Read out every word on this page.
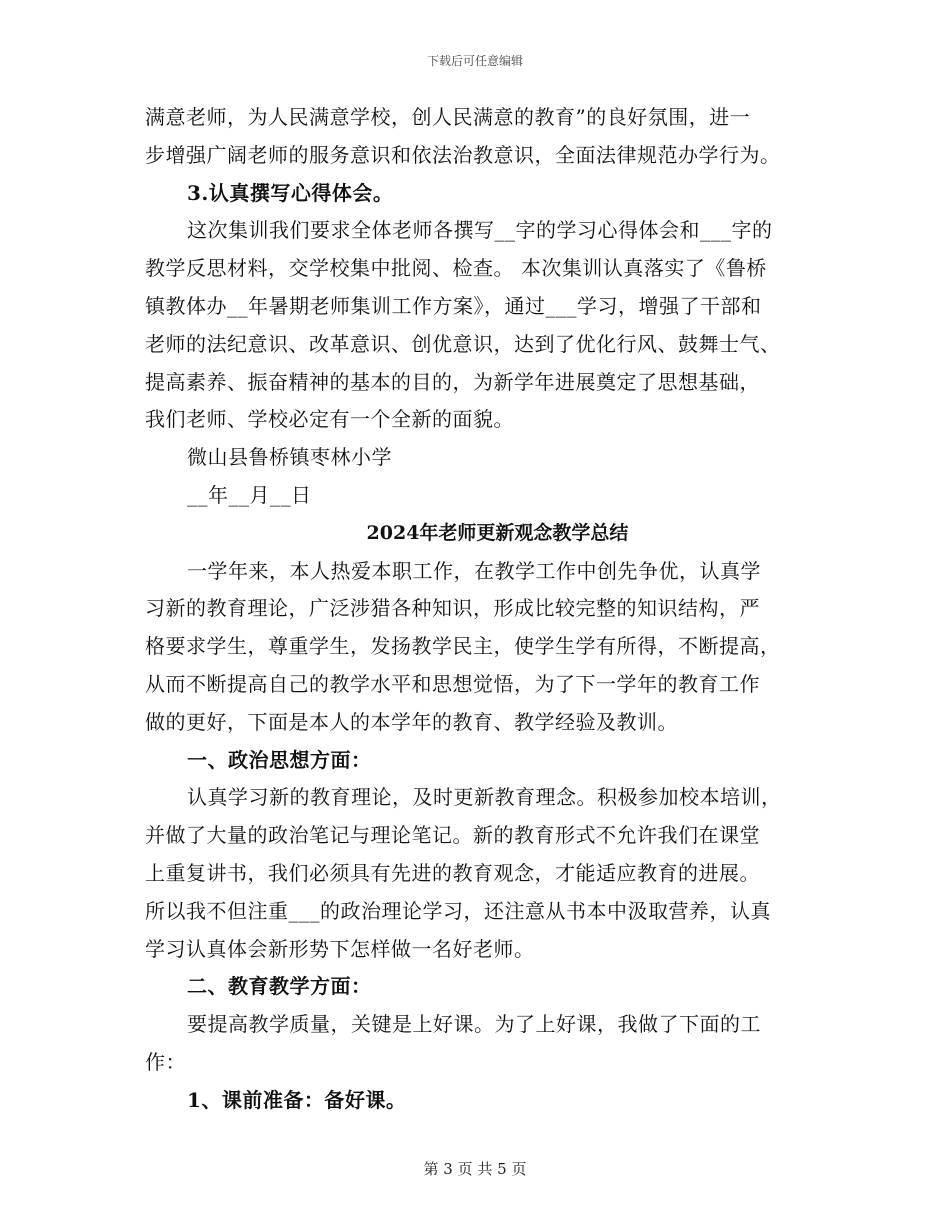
下载后可任意编辑
满意老师，为人民满意学校，创人民满意的教育”的良好氛围，进一
步增强广阔老师的服务意识和依法治教意识，全面法律规范办学行为。
3.认真撰写心得体会。
这次集训我们要求全体老师各撰写__字的学习心得体会和___字的
教学反思材料，交学校集中批阅、检查。 本次集训认真落实了《鲁桥
镇教体办__年暑期老师集训工作方案》，通过___学习，增强了干部和
老师的法纪意识、改革意识、创优意识，达到了优化行风、鼓舞士气、
提高素养、振奋精神的基本的目的，为新学年进展奠定了思想基础，
我们老师、学校必定有一个全新的面貌。
微山县鲁桥镇枣林小学
__年__月__日
2024年老师更新观念教学总结
一学年来，本人热爱本职工作，在教学工作中创先争优，认真学
习新的教育理论，广泛涉猎各种知识，形成比较完整的知识结构，严
格要求学生，尊重学生，发扬教学民主，使学生学有所得，不断提高，
从而不断提高自己的教学水平和思想觉悟，为了下一学年的教育工作
做的更好，下面是本人的本学年的教育、教学经验及教训。
一、政治思想方面：
认真学习新的教育理论，及时更新教育理念。积极参加校本培训，
并做了大量的政治笔记与理论笔记。新的教育形式不允许我们在课堂
上重复讲书，我们必须具有先进的教育观念，才能适应教育的进展。
所以我不但注重___的政治理论学习，还注意从书本中汲取营养，认真
学习认真体会新形势下怎样做一名好老师。
二、教育教学方面：
要提高教学质量，关键是上好课。为了上好课，我做了下面的工
作：
1、课前准备：备好课。
第 3 页 共 5 页
